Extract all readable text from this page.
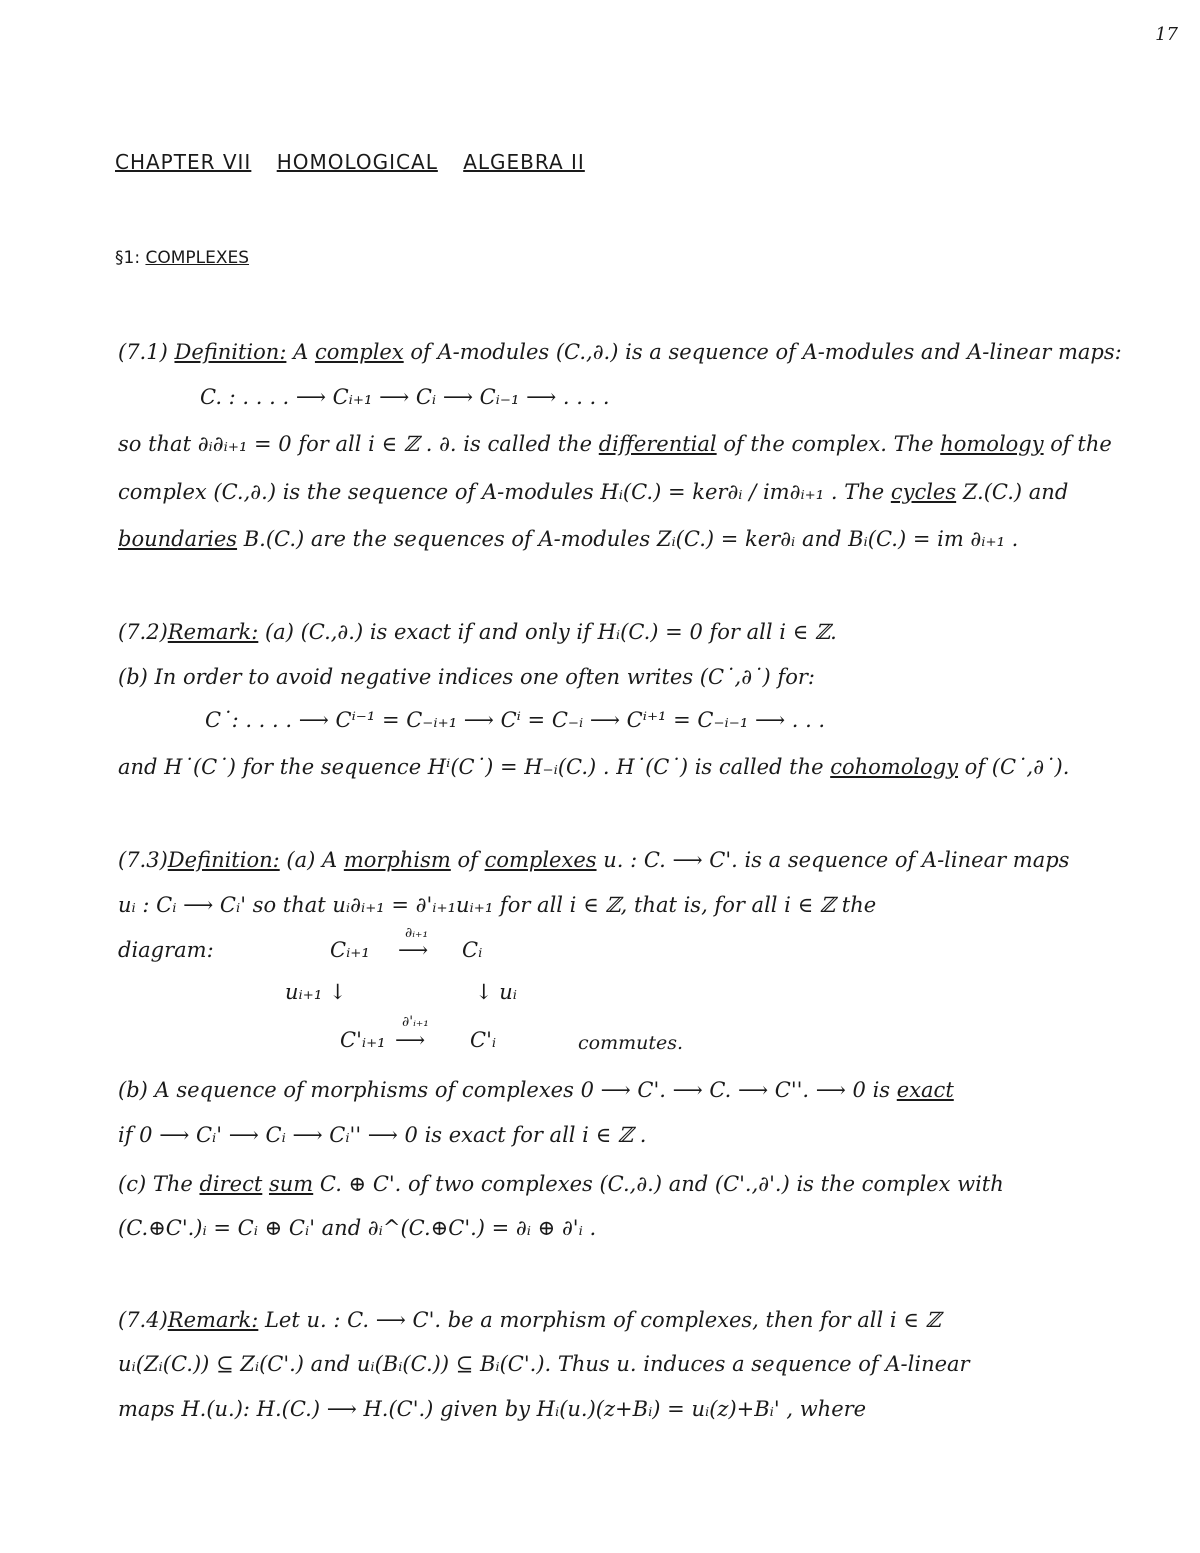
17
CHAPTER VII HOMOLOGICAL ALGEBRA II
§1: COMPLEXES
(7.1) Definition: A complex of A-modules (C.,∂.) is a sequence of A-modules and A-linear maps:
C. : . . . . ⟶ Cᵢ₊₁ ⟶ Cᵢ ⟶ Cᵢ₋₁ ⟶ . . . .
so that ∂ᵢ∂ᵢ₊₁ = 0 for all i ∈ ℤ . ∂. is called the differential of the complex. The homology of the
complex (C.,∂.) is the sequence of A-modules Hᵢ(C.) = ker∂ᵢ / im∂ᵢ₊₁ . The cycles Z.(C.) and
boundaries B.(C.) are the sequences of A-modules Zᵢ(C.) = ker∂ᵢ and Bᵢ(C.) = im ∂ᵢ₊₁ .
(7.2)Remark: (a) (C.,∂.) is exact if and only if Hᵢ(C.) = 0 for all i ∈ ℤ.
(b) In order to avoid negative indices one often writes (C˙,∂˙) for:
C˙: . . . . ⟶ Cⁱ⁻¹ = C₋ᵢ₊₁ ⟶ Cⁱ = C₋ᵢ ⟶ Cⁱ⁺¹ = C₋ᵢ₋₁ ⟶ . . .
and H˙(C˙) for the sequence Hⁱ(C˙) = H₋ᵢ(C.) . H˙(C˙) is called the cohomology of (C˙,∂˙).
(7.3)Definition: (a) A morphism of complexes u. : C. ⟶ C'. is a sequence of A-linear maps
uᵢ : Cᵢ ⟶ Cᵢ' so that uᵢ∂ᵢ₊₁ = ∂'ᵢ₊₁uᵢ₊₁ for all i ∈ ℤ, that is, for all i ∈ ℤ the
diagram:	Cᵢ₊₁
∂ᵢ₊₁
⟶ Cᵢ
uᵢ₊₁ ↓	↓ uᵢ
C'ᵢ₊₁
∂'ᵢ₊₁
⟶ C'ᵢ	commutes.
(b) A sequence of morphisms of complexes 0 ⟶ C'. ⟶ C. ⟶ C''. ⟶ 0 is exact
if 0 ⟶ Cᵢ' ⟶ Cᵢ ⟶ Cᵢ'' ⟶ 0 is exact for all i ∈ ℤ .
(c) The direct sum C. ⊕ C'. of two complexes (C.,∂.) and (C'.,∂'.) is the complex with
(C.⊕C'.)ᵢ = Cᵢ ⊕ Cᵢ' and ∂ᵢ^(C.⊕C'.) = ∂ᵢ ⊕ ∂'ᵢ .
(7.4)Remark: Let u. : C. ⟶ C'. be a morphism of complexes, then for all i ∈ ℤ
uᵢ(Zᵢ(C.)) ⊆ Zᵢ(C'.) and uᵢ(Bᵢ(C.)) ⊆ Bᵢ(C'.). Thus u. induces a sequence of A-linear
maps H.(u.): H.(C.) ⟶ H.(C'.) given by Hᵢ(u.)(z+Bᵢ) = uᵢ(z)+Bᵢ' , where
